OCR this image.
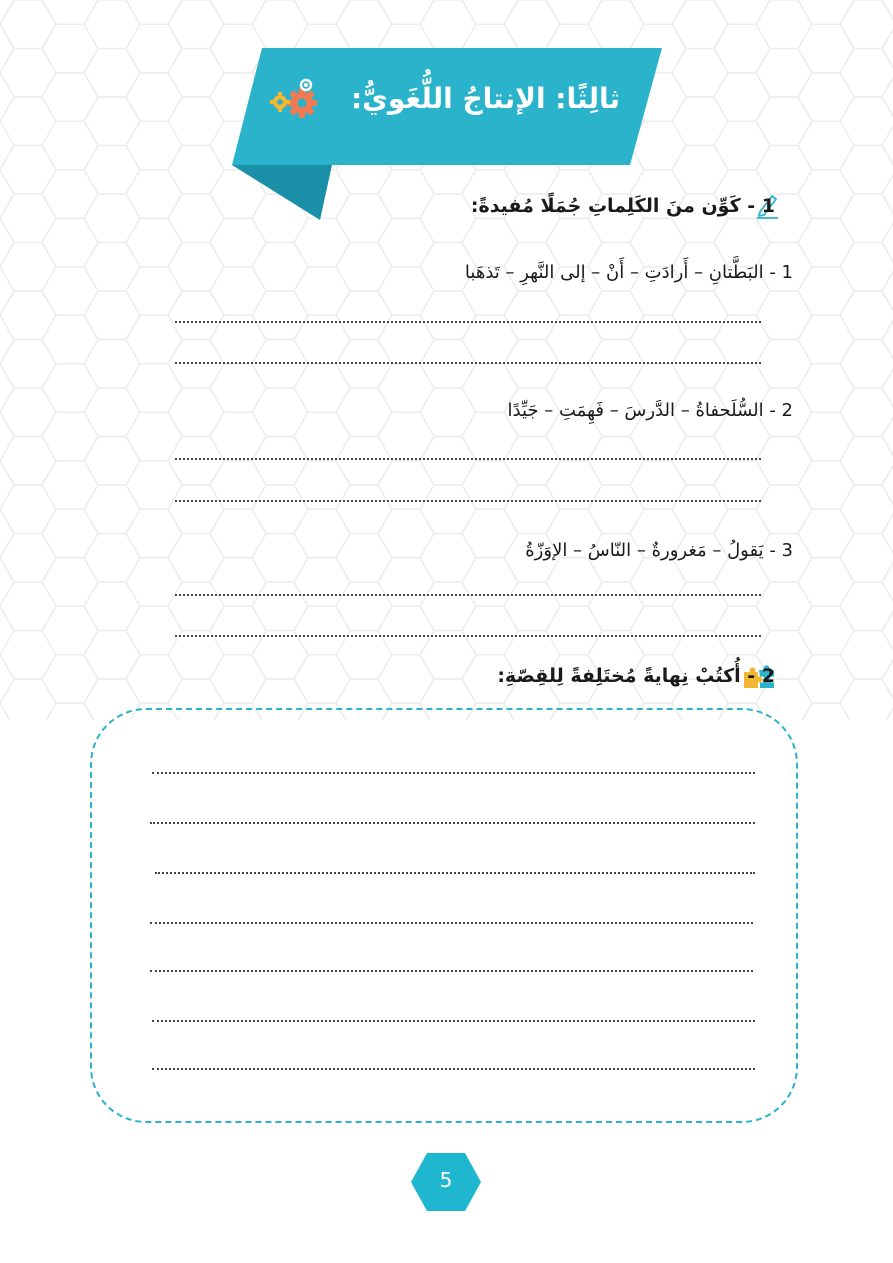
ثالِثًا: الإنتاجُ اللُّغَويُّ:
1 - كَوِّن منَ الكَلِماتِ جُمَلًا مُفيدةً:
1 - البَطَّتانِ – أَرادَتِ – أَنْ – إلى النَّهرِ – تَذهَبا
2 - السُّلَحفاةُ – الدَّرسَ – فَهِمَتِ – جَيِّدًا
3 - يَقولُ – مَغرورةٌ – النّاسُ – الإوَزّةُ
2 - أُكتُبْ نِهايةً مُختَلِفةً لِلقِصّةِ:
5
